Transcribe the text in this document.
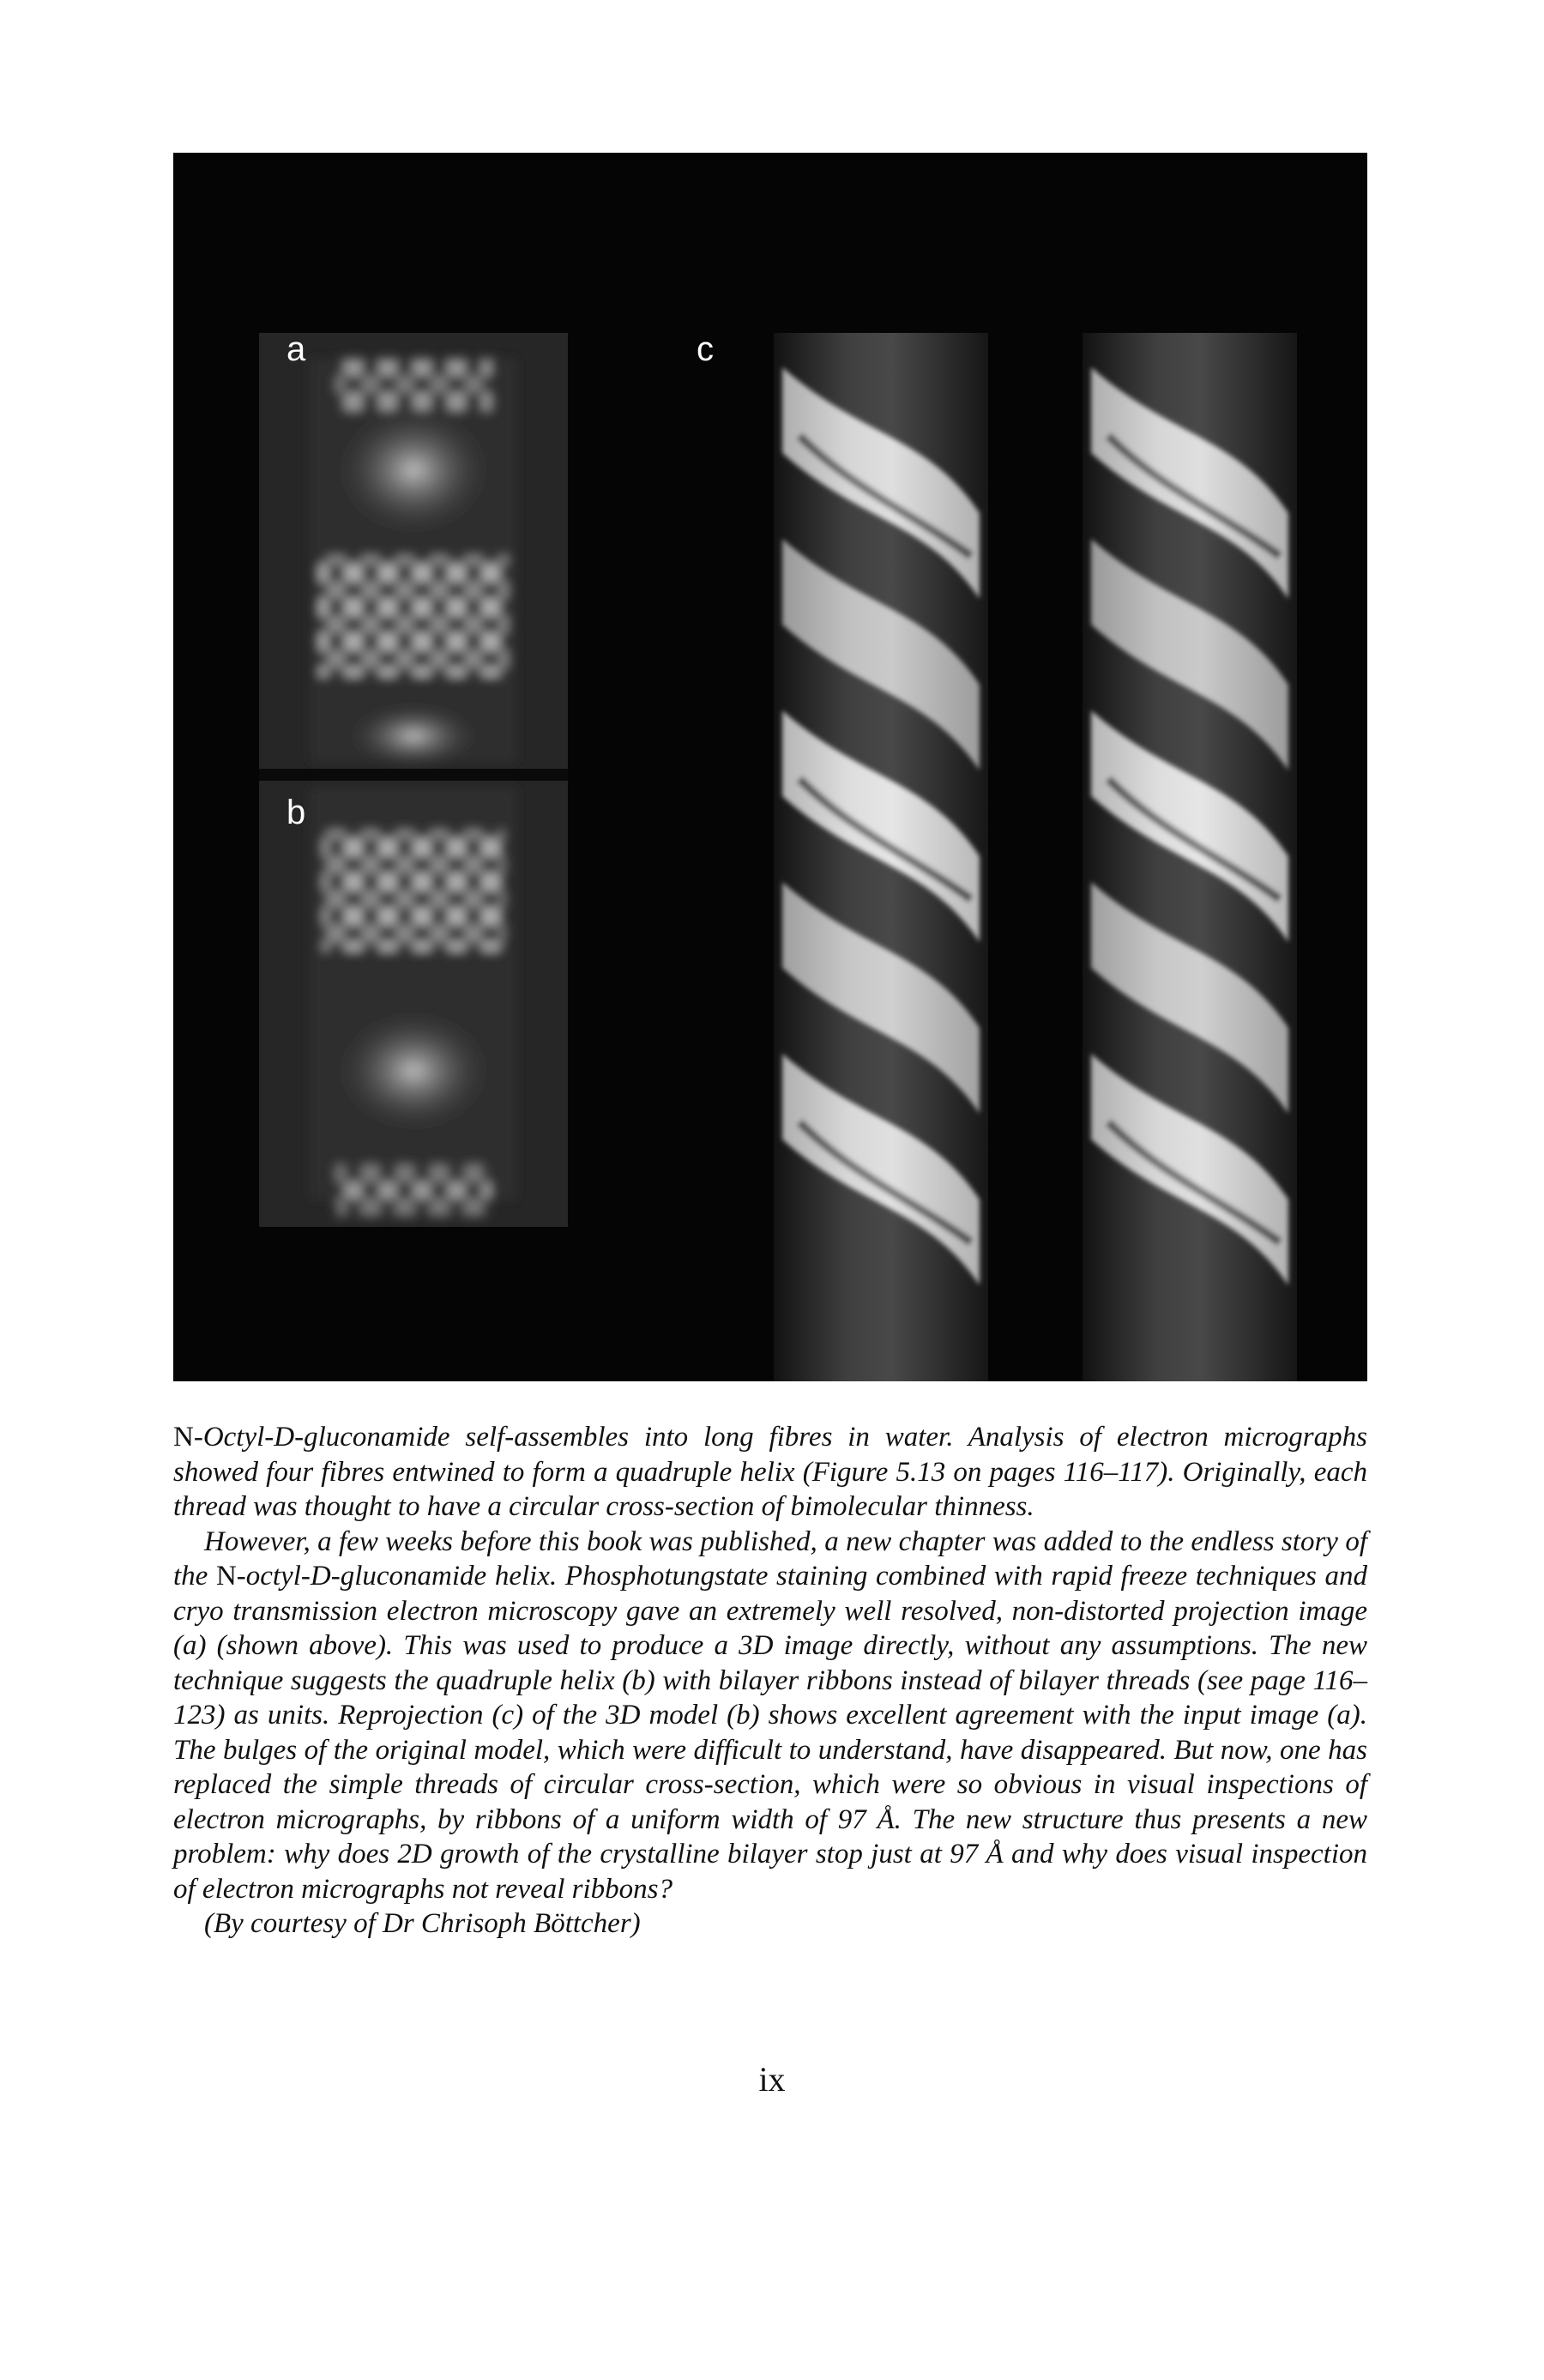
a
b
c

N-Octyl-D-gluconamide self-assembles into long fibres in water. Analysis of electron micrographs showed four fibres entwined to form a quadruple helix (Figure 5.13 on pages 116–117). Originally, each thread was thought to have a circular cross-section of bimolecular thinness.

However, a few weeks before this book was published, a new chapter was added to the endless story of the N-octyl-D-gluconamide helix. Phosphotungstate staining combined with rapid freeze techniques and cryo transmission electron microscopy gave an extremely well resolved, non-distorted projection image (a) (shown above). This was used to produce a 3D image directly, without any assumptions. The new technique suggests the quadruple helix (b) with bilayer ribbons instead of bilayer threads (see page 116–123) as units. Reprojection (c) of the 3D model (b) shows excellent agreement with the input image (a). The bulges of the original model, which were difficult to understand, have disappeared. But now, one has replaced the simple threads of circular cross-section, which were so obvious in visual inspections of electron micrographs, by ribbons of a uniform width of 97 Å. The new structure thus presents a new problem: why does 2D growth of the crystalline bilayer stop just at 97 Å and why does visual inspection of electron micrographs not reveal ribbons?
(By courtesy of Dr Chrisoph Böttcher)

ix
